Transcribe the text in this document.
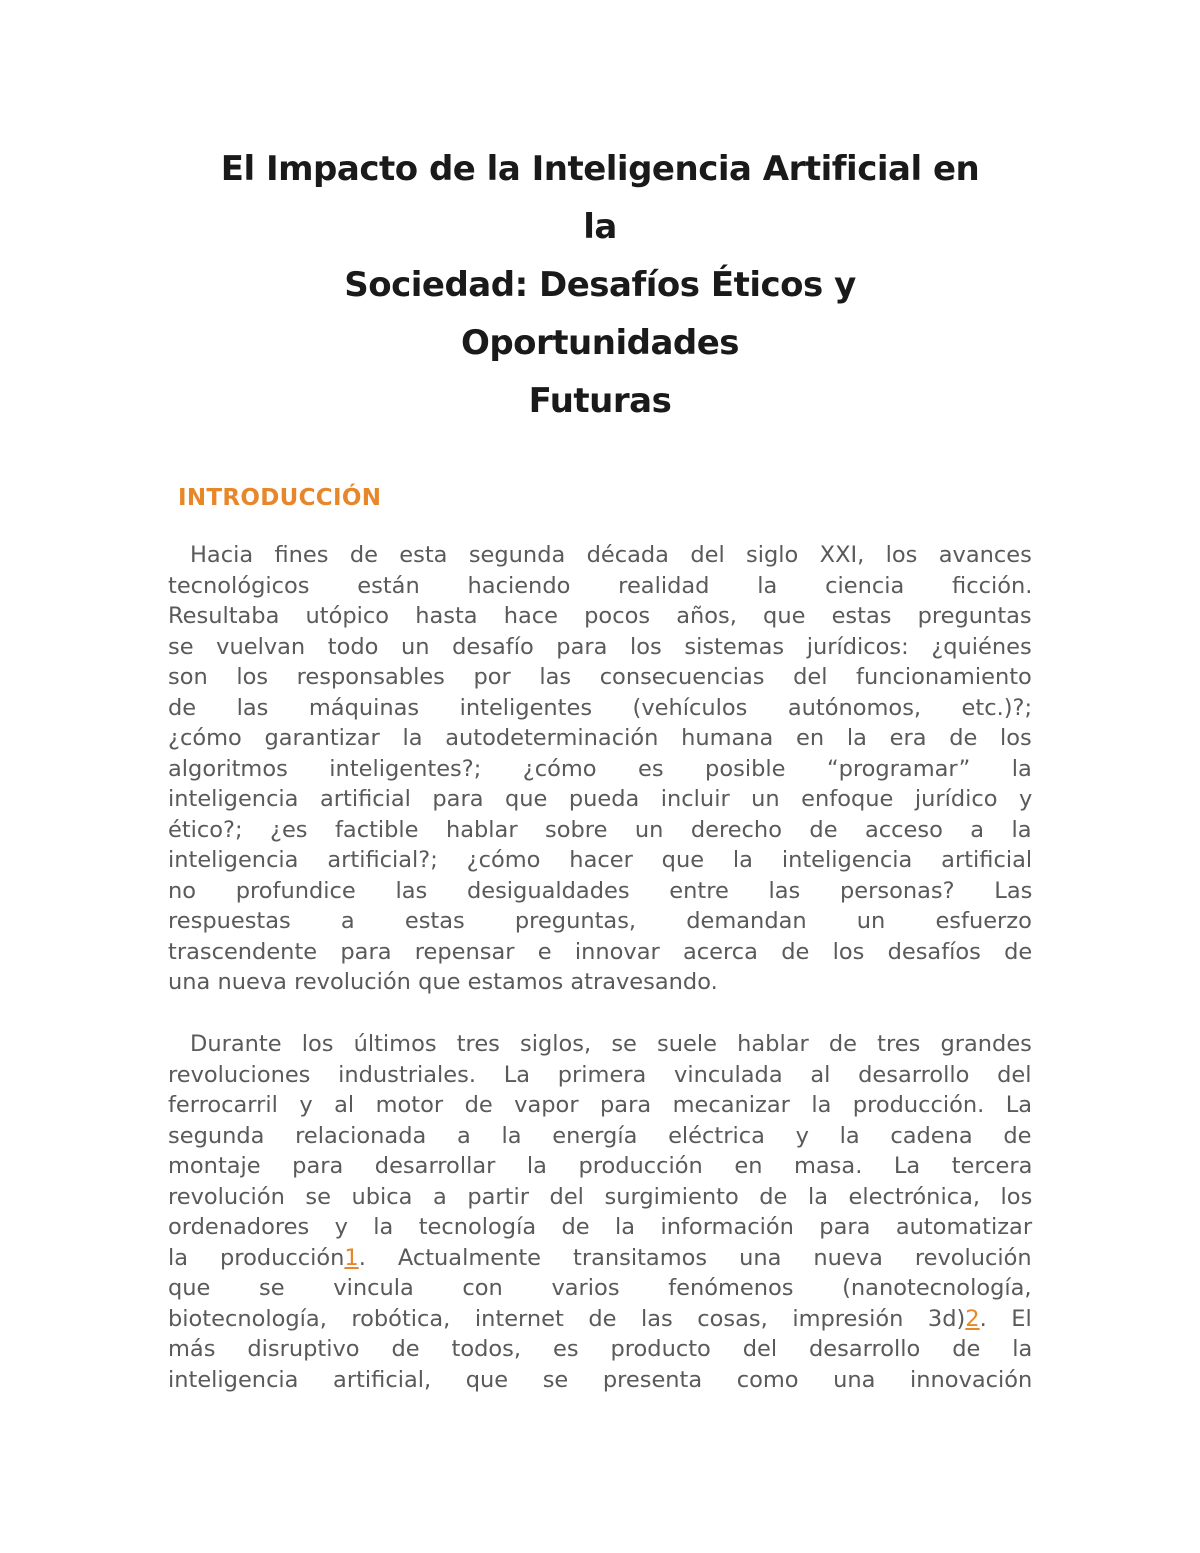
El Impacto de la Inteligencia Artificial en la
Sociedad: Desafíos Éticos y Oportunidades
Futuras
INTRODUCCIÓN
Hacia fines de esta segunda década del siglo XXI, los avances
tecnológicos están haciendo realidad la ciencia ficción.
Resultaba utópico hasta hace pocos años, que estas preguntas
se vuelvan todo un desafío para los sistemas jurídicos: ¿quiénes
son los responsables por las consecuencias del funcionamiento
de las máquinas inteligentes (vehículos autónomos, etc.)?;
¿cómo garantizar la autodeterminación humana en la era de los
algoritmos inteligentes?; ¿cómo es posible “programar” la
inteligencia artificial para que pueda incluir un enfoque jurídico y
ético?; ¿es factible hablar sobre un derecho de acceso a la
inteligencia artificial?; ¿cómo hacer que la inteligencia artificial
no profundice las desigualdades entre las personas? Las
respuestas a estas preguntas, demandan un esfuerzo
trascendente para repensar e innovar acerca de los desafíos de
una nueva revolución que estamos atravesando.
Durante los últimos tres siglos, se suele hablar de tres grandes
revoluciones industriales. La primera vinculada al desarrollo del
ferrocarril y al motor de vapor para mecanizar la producción. La
segunda relacionada a la energía eléctrica y la cadena de
montaje para desarrollar la producción en masa. La tercera
revolución se ubica a partir del surgimiento de la electrónica, los
ordenadores y la tecnología de la información para automatizar
la producción1. Actualmente transitamos una nueva revolución
que se vincula con varios fenómenos (nanotecnología,
biotecnología, robótica, internet de las cosas, impresión 3d)2. El
más disruptivo de todos, es producto del desarrollo de la
inteligencia artificial, que se presenta como una innovación
